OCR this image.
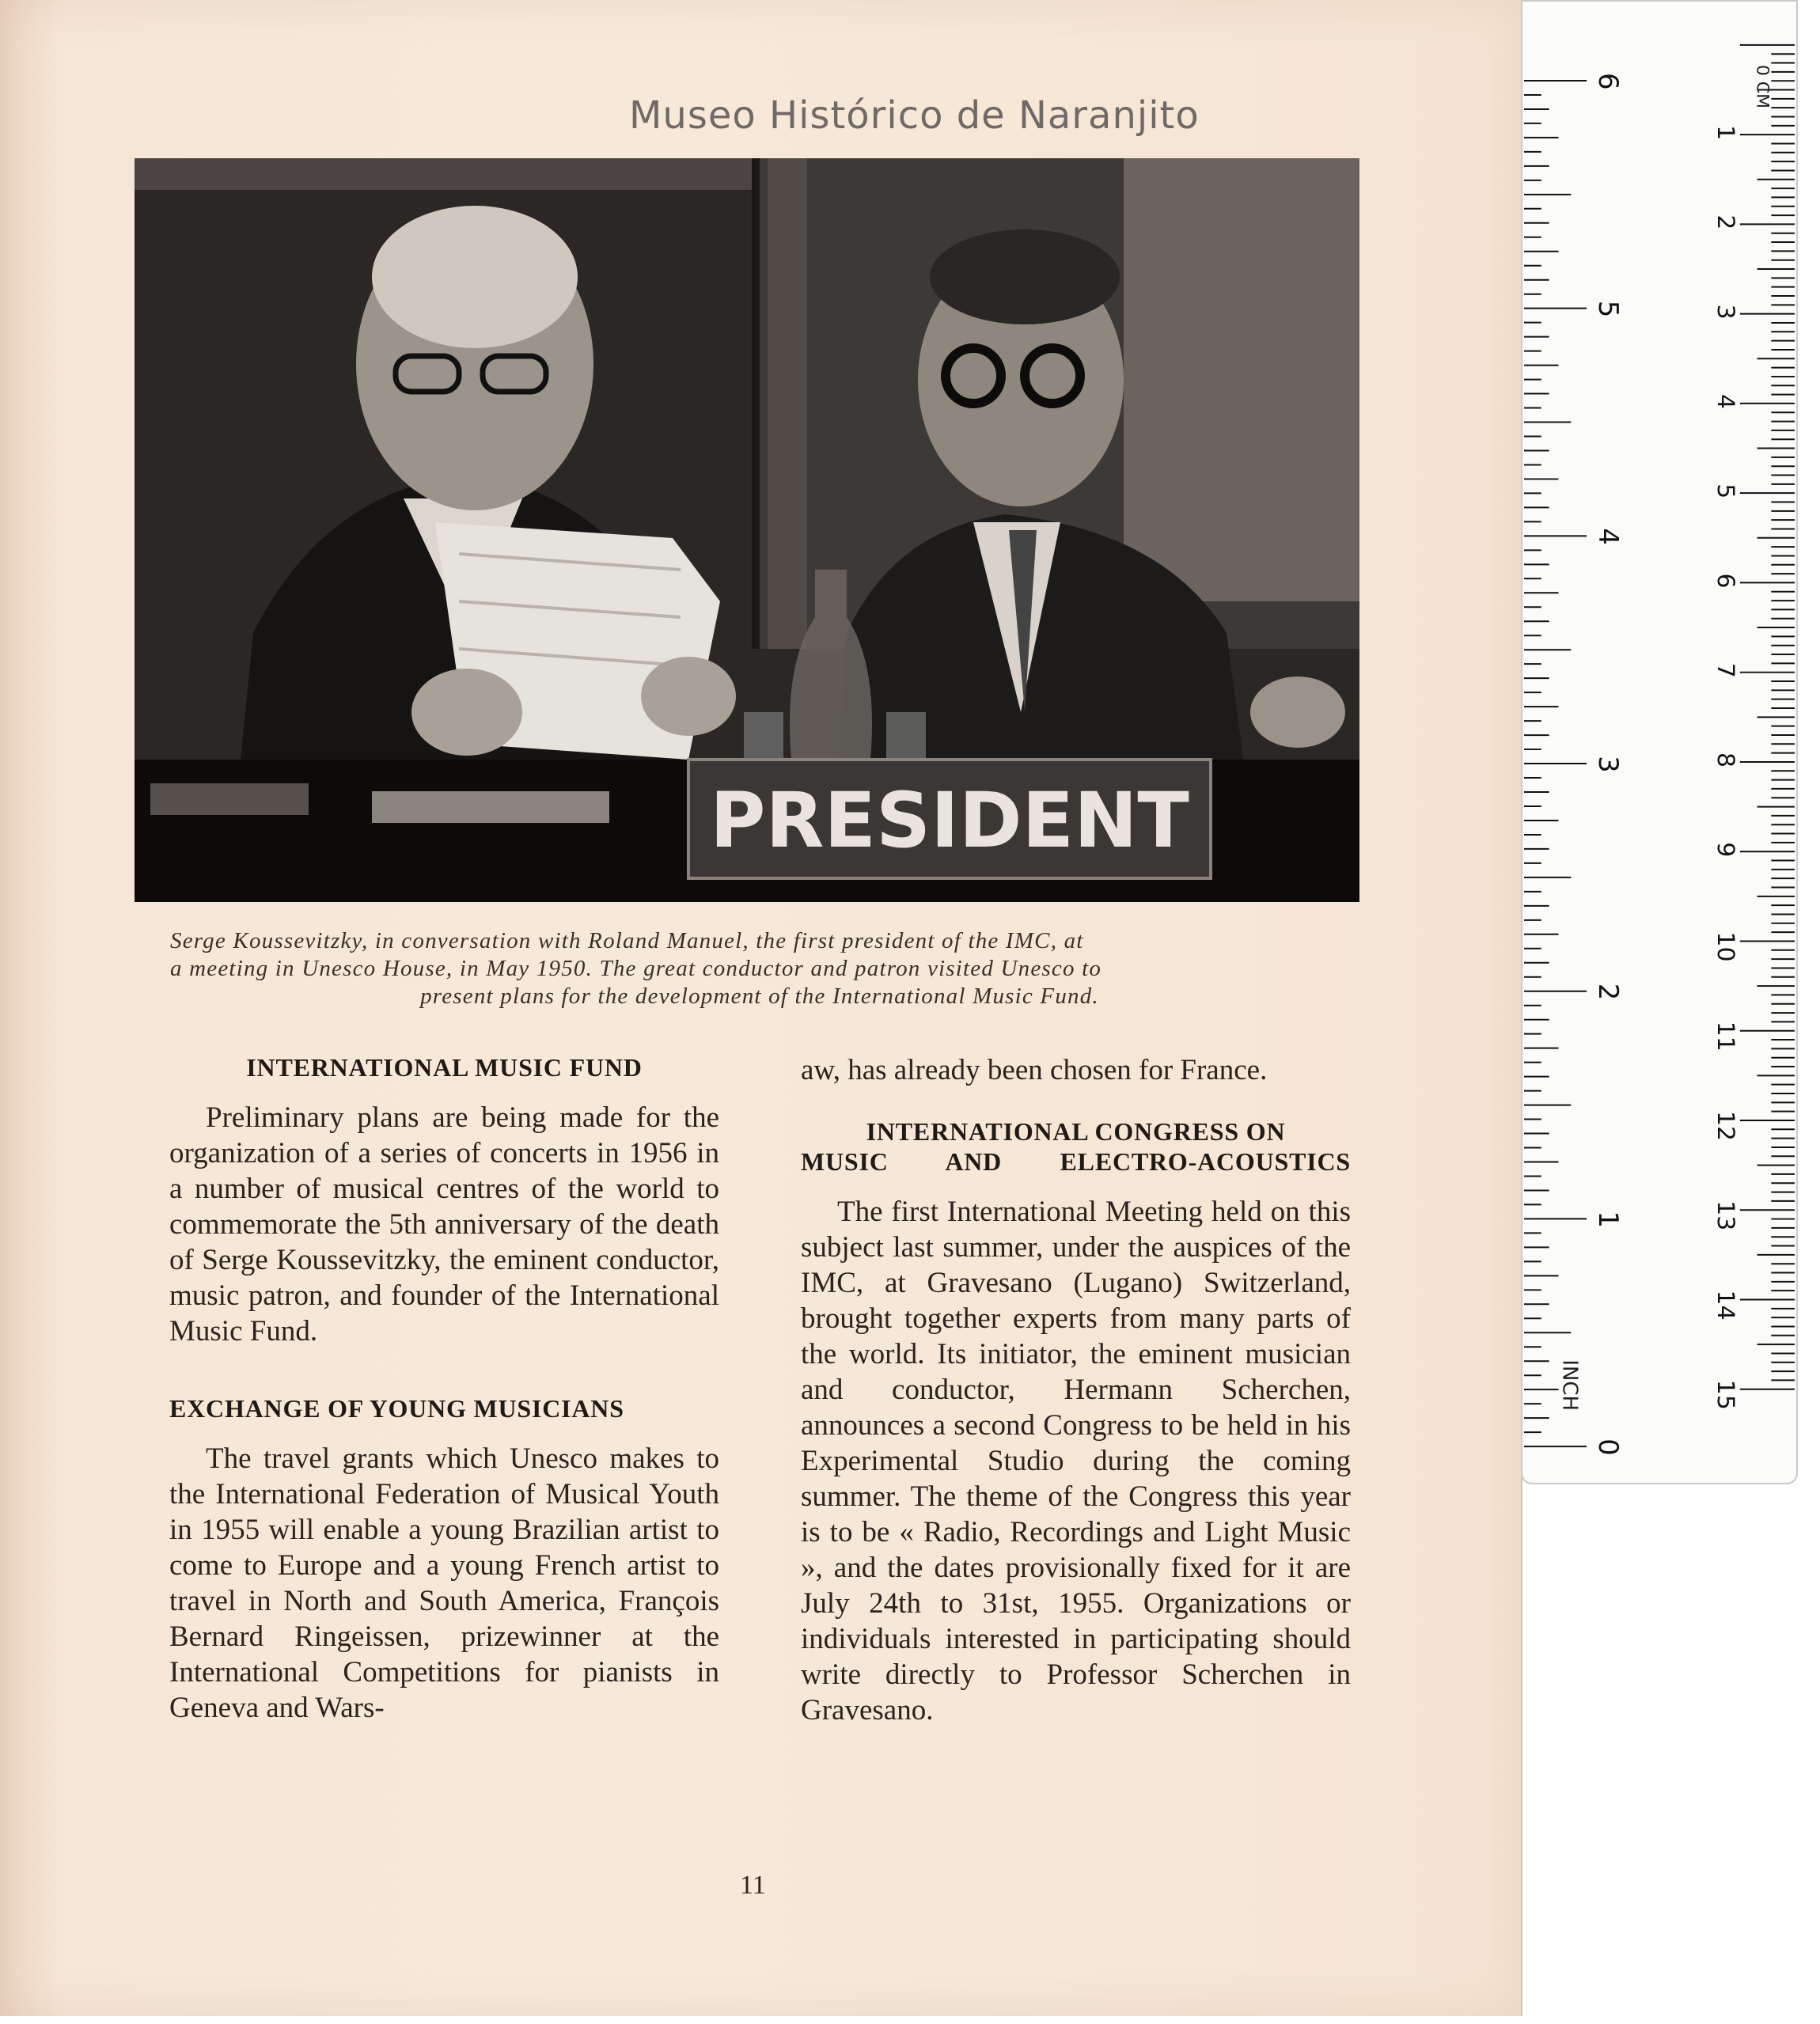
Museo Histórico de Naranjito
PRESIDENT
Serge Koussevitzky, in conversation with Roland Manuel, the first president of the IMC, at
a meeting in Unesco House, in May 1950. The great conductor and patron visited Unesco to
present plans for the development of the International Music Fund.

INTERNATIONAL MUSIC FUND

Preliminary plans are being made for the organization of a series of concerts in 1956 in a number of musical centres of the world to commemorate the 5th anniversary of the death of Serge Koussevitzky, the eminent conductor, music patron, and founder of the International Music Fund.

EXCHANGE OF YOUNG MUSICIANS

The travel grants which Unesco makes to the International Federation of Musical Youth in 1955 will enable a young Brazilian artist to come to Europe and a young French artist to travel in North and South America, François Bernard Ringeissen, prizewinner at the International Competitions for pianists in Geneva and Wars-

aw, has already been chosen for France.

INTERNATIONAL CONGRESS ON

MUSIC AND ELECTRO-ACOUSTICS

The first International Meeting held on this subject last summer, under the auspices of the IMC, at Gravesano (Lugano) Switzerland, brought together experts from many parts of the world. Its initiator, the eminent musician and conductor, Hermann Scherchen, announces a second Congress to be held in his Experimental Studio during the coming summer. The theme of the Congress this year is to be « Radio, Recordings and Light Music », and the dates provisionally fixed for it are July 24th to 31st, 1955. Organizations or individuals interested in participating should write directly to Professor Scherchen in Gravesano.

11
1
2
3
4
5
6
7
8
9
10
11
12
13
14
15
0
1
2
3
4
5
6	0 CM
INCH
